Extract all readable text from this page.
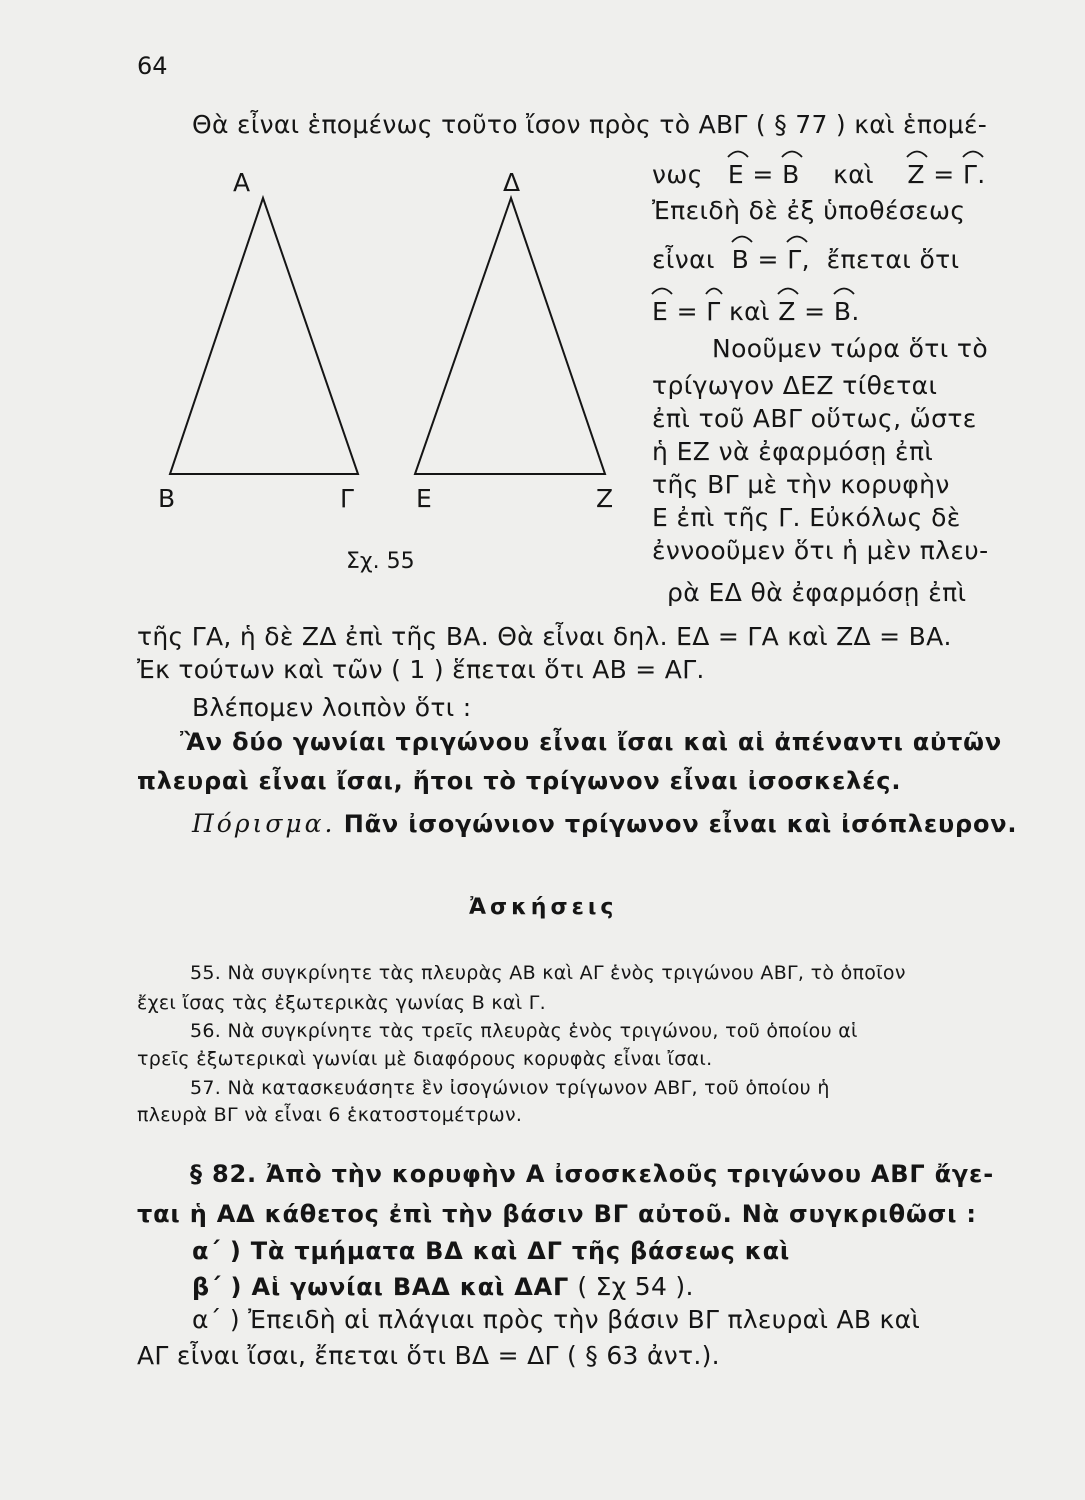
64
Θὰ εἶναι ἑπομένως τοῦτο ἴσον πρὸς τὸ ΑΒΓ ( § 77 ) καὶ ἑπομέ-
νως Ε = Β καὶ Ζ = Γ.
Ἐπειδὴ δὲ ἐξ ὑποθέσεως
εἶναι Β = Γ, ἔπεται ὅτι
Ε = Γ καὶ Ζ = Β.
Νοοῦμεν τώρα ὅτι τὸ
τρίγωγον ΔΕΖ τίθεται
ἐπὶ τοῦ ΑΒΓ οὕτως, ὥστε
ἡ ΕΖ νὰ ἐφαρμόσῃ ἐπὶ
τῆς ΒΓ μὲ τὴν κορυφὴν
Ε ἐπὶ τῆς Γ. Εὐκόλως δὲ
ἐννοοῦμεν ὅτι ἡ μὲν πλευ-
ρὰ ΕΔ θὰ ἐφαρμόσῃ ἐπὶ
Α
Β	Γ
Δ
Ε	Ζ
Σχ. 55
τῆς ΓΑ, ἡ δὲ ΖΔ ἐπὶ τῆς ΒΑ. Θὰ εἶναι δηλ. ΕΔ = ΓΑ καὶ ΖΔ = ΒΑ.
Ἐκ τούτων καὶ τῶν ( 1 ) ἕπεται ὅτι ΑΒ = ΑΓ.
Βλέπομεν λοιπὸν ὅτι :
Ἂν δύο γωνίαι τριγώνου εἶναι ἴσαι καὶ αἱ ἀπέναντι αὐτῶν
πλευραὶ εἶναι ἴσαι, ἤτοι τὸ τρίγωνον εἶναι ἰσοσκελές.
Πόρισμα. Πᾶν ἰσογώνιον τρίγωνον εἶναι καὶ ἰσόπλευρον.
Ἀσκήσεις
55. Νὰ συγκρίνητε τὰς πλευρὰς ΑΒ καὶ ΑΓ ἑνὸς τριγώνου ΑΒΓ, τὸ ὁποῖον
ἔχει ἴσας τὰς ἐξωτερικὰς γωνίας Β καὶ Γ.
56. Νὰ συγκρίνητε τὰς τρεῖς πλευρὰς ἑνὸς τριγώνου, τοῦ ὁποίου αἱ
τρεῖς ἐξωτερικαὶ γωνίαι μὲ διαφόρους κορυφὰς εἶναι ἴσαι.
57. Νὰ κατασκευάσητε ἓν ἰσογώνιον τρίγωνον ΑΒΓ, τοῦ ὁποίου ἡ
πλευρὰ ΒΓ νὰ εἶναι 6 ἑκατοστομέτρων.
§ 82. Ἀπὸ τὴν κορυφὴν Α ἰσοσκελοῦς τριγώνου ΑΒΓ ἄγε-
ται ἡ ΑΔ κάθετος ἐπὶ τὴν βάσιν ΒΓ αὐτοῦ. Νὰ συγκριθῶσι :
α΄ ) Τὰ τμήματα ΒΔ καὶ ΔΓ τῆς βάσεως καὶ
β΄ ) Αἱ γωνίαι ΒΑΔ καὶ ΔΑΓ ( Σχ 54 ).
α΄ ) Ἐπειδὴ αἱ πλάγιαι πρὸς τὴν βάσιν ΒΓ πλευραὶ ΑΒ καὶ
ΑΓ εἶναι ἴσαι, ἔπεται ὅτι ΒΔ = ΔΓ ( § 63 ἀντ.).
